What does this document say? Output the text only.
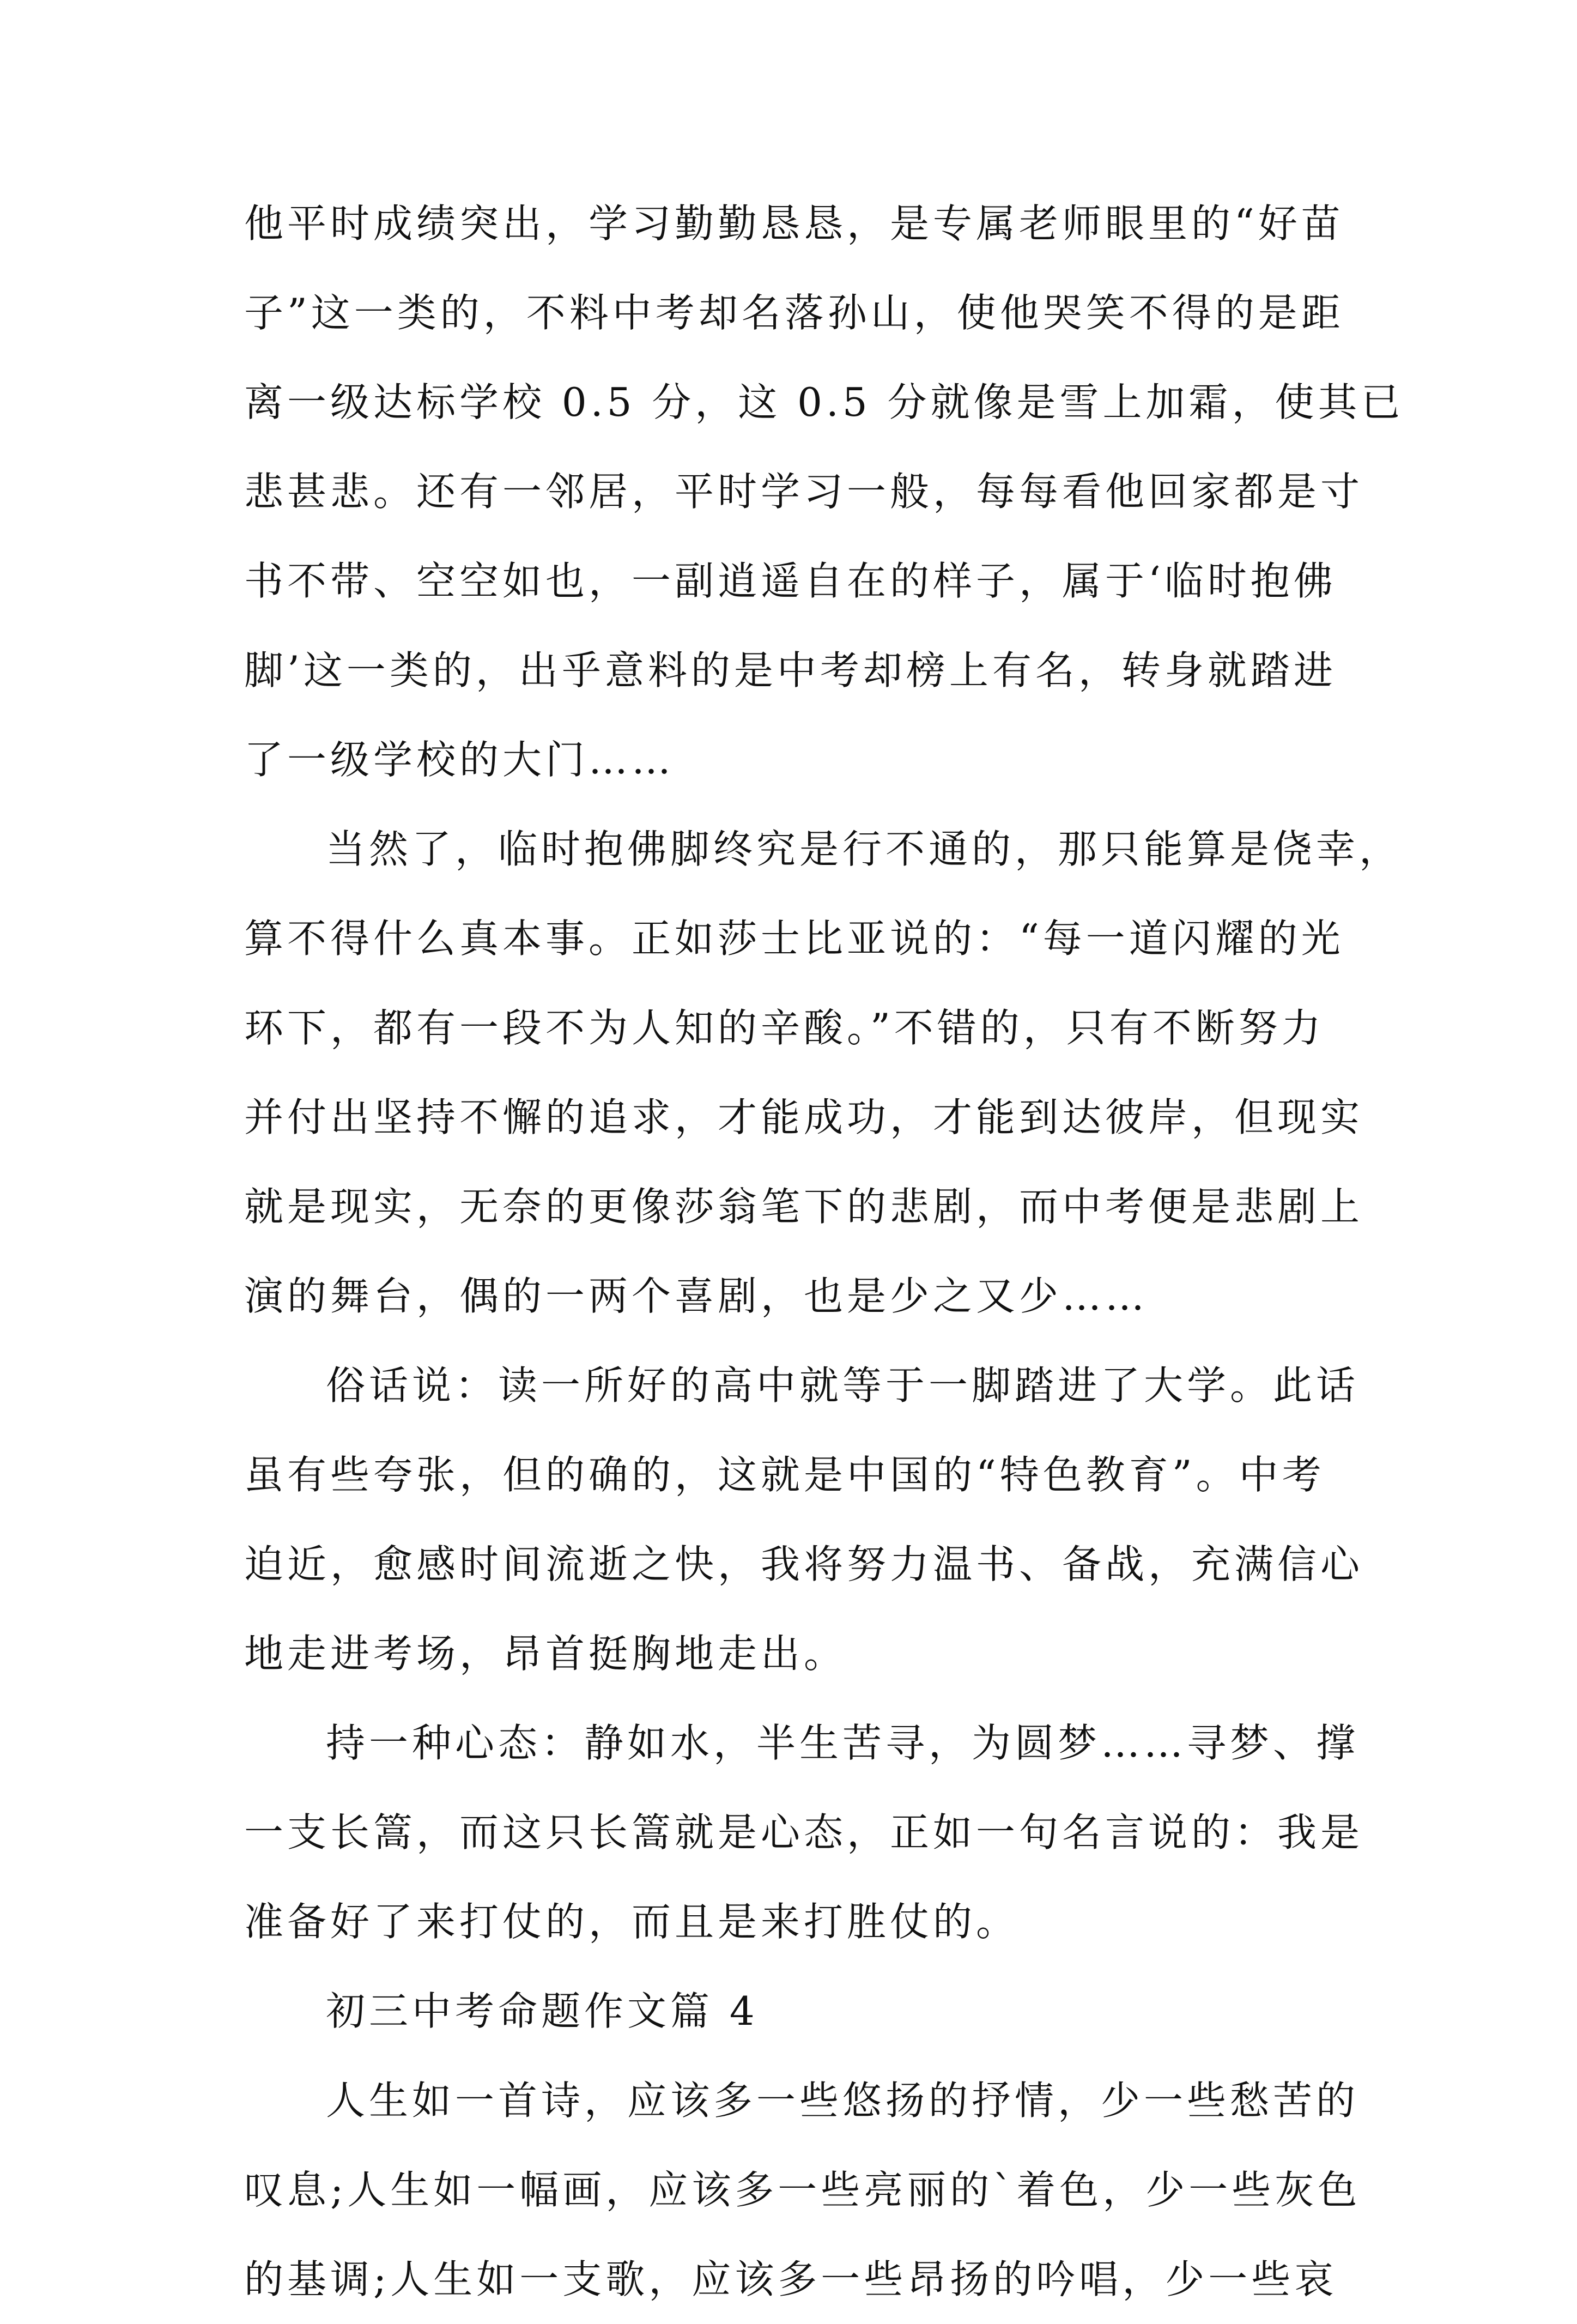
他平时成绩突出，学习勤勤恳恳，是专属老师眼里的“好苗
子”这一类的，不料中考却名落孙山，使他哭笑不得的是距
离一级达标学校 0.5 分，这 0.5 分就像是雪上加霜，使其已
悲甚悲。还有一邻居，平时学习一般，每每看他回家都是寸
书不带、空空如也，一副逍遥自在的样子，属于‘临时抱佛
脚’这一类的，出乎意料的是中考却榜上有名，转身就踏进
了一级学校的大门……
当然了，临时抱佛脚终究是行不通的，那只能算是侥幸，
算不得什么真本事。正如莎士比亚说的：“每一道闪耀的光
环下，都有一段不为人知的辛酸。”不错的，只有不断努力
并付出坚持不懈的追求，才能成功，才能到达彼岸，但现实
就是现实，无奈的更像莎翁笔下的悲剧，而中考便是悲剧上
演的舞台，偶的一两个喜剧，也是少之又少……
俗话说：读一所好的高中就等于一脚踏进了大学。此话
虽有些夸张，但的确的，这就是中国的“特色教育”。中考
迫近，愈感时间流逝之快，我将努力温书、备战，充满信心
地走进考场，昂首挺胸地走出。
持一种心态：静如水，半生苦寻，为圆梦……寻梦、撑
一支长篙，而这只长篙就是心态，正如一句名言说的：我是
准备好了来打仗的，而且是来打胜仗的。
初三中考命题作文篇 4
人生如一首诗，应该多一些悠扬的抒情，少一些愁苦的
叹息;人生如一幅画，应该多一些亮丽的`着色，少一些灰色
的基调;人生如一支歌，应该多一些昂扬的吟唱，少一些哀
